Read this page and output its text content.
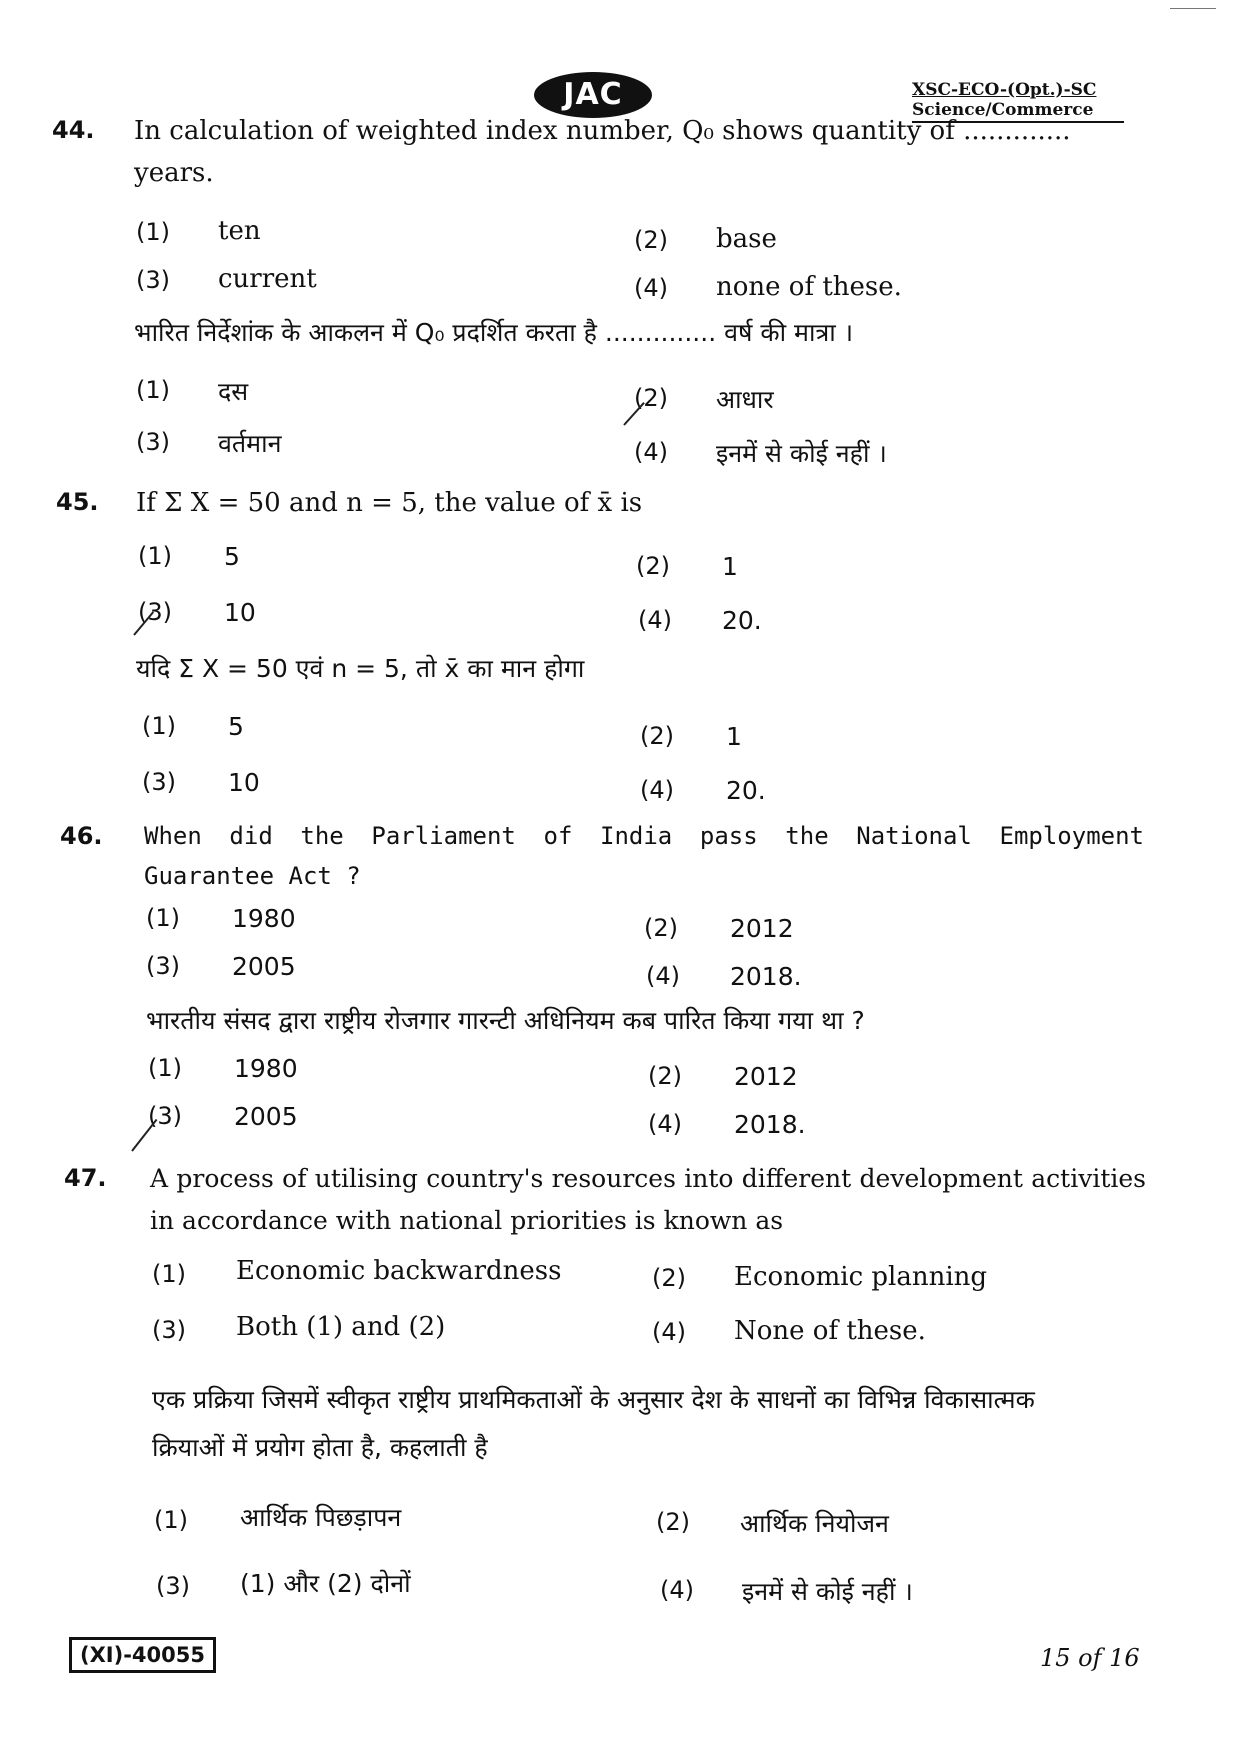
JAC	XSC-ECO-(Opt.)-SC
Science/Commerce
44. In calculation of weighted index number, Q₀ shows quantity of ............. years.
(1) ten	(2) base
(3) current	(4) none of these.
भारित निर्देशांक के आकलन में Q₀ प्रदर्शित करता है .............. वर्ष की मात्रा ।
(1) दस	(2) आधार
(3) वर्तमान	(4) इनमें से कोई नहीं ।
45. If Σ X = 50 and n = 5, the value of x̄ is
(1) 5	(2) 1
(3) 10	(4) 20.
यदि Σ X = 50 एवं n = 5, तो x̄ का मान होगा
(1) 5	(2) 1
(3) 10	(4) 20.
46. When did the Parliament of India pass the National Employment Guarantee Act ?
(1) 1980	(2) 2012
(3) 2005	(4) 2018.
भारतीय संसद द्वारा राष्ट्रीय रोजगार गारन्टी अधिनियम कब पारित किया गया था ?
(1) 1980	(2) 2012
(3) 2005	(4) 2018.
47. A process of utilising country's resources into different development activities in accordance with national priorities is known as
(1) Economic backwardness	(2) Economic planning
(3) Both (1) and (2)	(4) None of these.
एक प्रक्रिया जिसमें स्वीकृत राष्ट्रीय प्राथमिकताओं के अनुसार देश के साधनों का विभिन्न विकासात्मक क्रियाओं में प्रयोग होता है, कहलाती है
(1) आर्थिक पिछड़ापन	(2) आर्थिक नियोजन
(3) (1) और (2) दोनों	(4) इनमें से कोई नहीं ।
(XI)-40055	15 of 16
